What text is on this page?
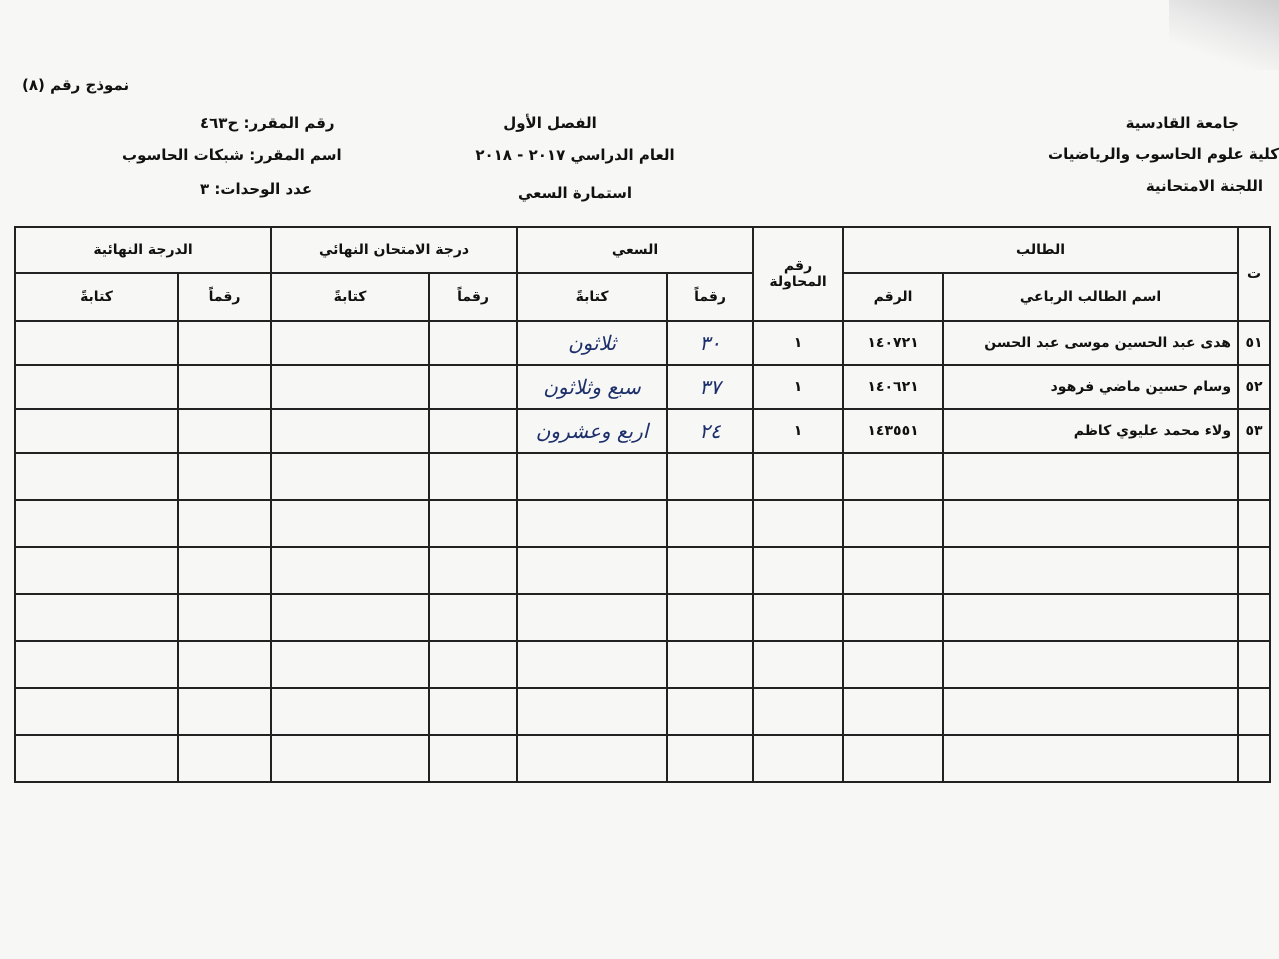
نموذج رقم (٨)
جامعة القادسية
كلية علوم الحاسوب والرياضيات
اللجنة الامتحانية
الفصل الأول
العام الدراسي ٢٠١٧ - ٢٠١٨
استمارة السعي
رقم المقرر: ح٤٦٣
اسم المقرر: شبكات الحاسوب
عدد الوحدات: ٣
ت	الطالب		رقم المحاولة	السعي		درجة الامتحان النهائي		الدرجة النهائية	
	اسم الطالب الرباعي	الرقم		رقماً	كتابةً	رقماً	كتابةً	رقماً	كتابةً
٥١	هدى عبد الحسين موسى عبد الحسن	١٤٠٧٢١	١	٣٠	ثلاثون				
٥٢	وسام حسين ماضي فرهود	١٤٠٦٢١	١	٣٧	سبع وثلاثون				
٥٣	ولاء محمد عليوي كاظم	١٤٣٥٥١	١	٢٤	اربع وعشرون				
